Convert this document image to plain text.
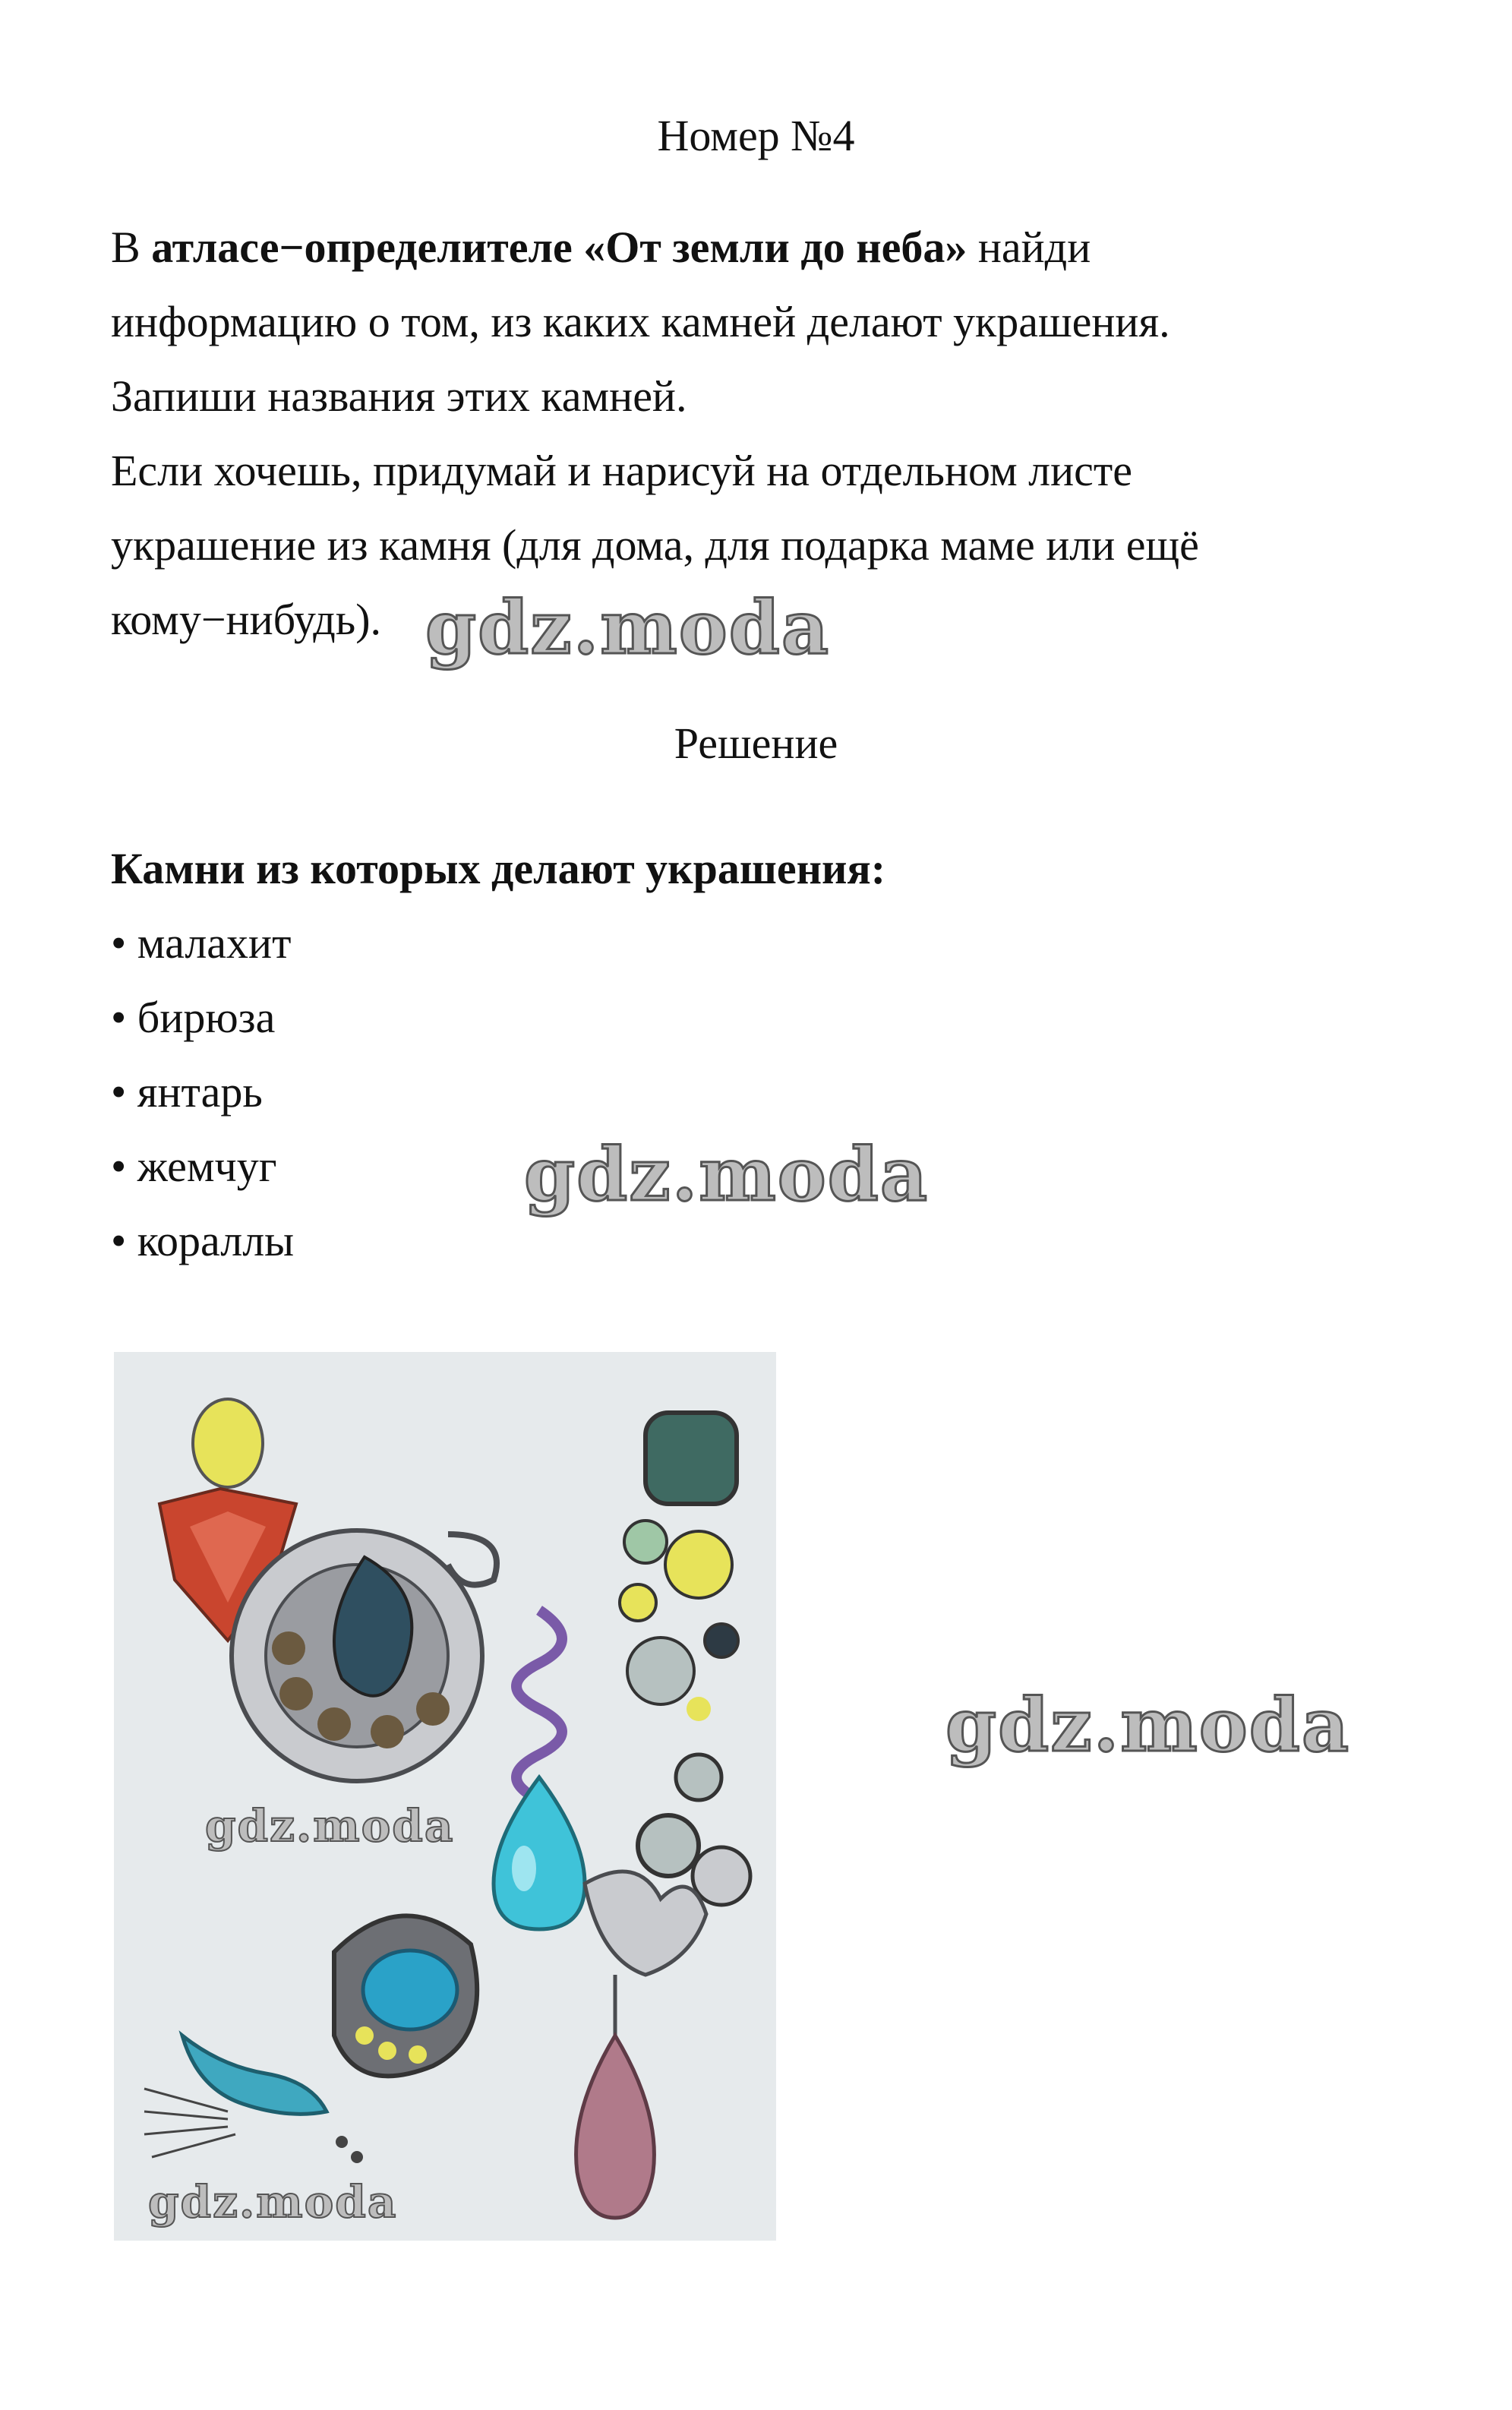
Номер №4
В атласе−определителе «От земли до неба» найди
информацию о том, из каких камней делают украшения.
Запиши названия этих камней.
Если хочешь, придумай и нарисуй на отдельном листе
украшение из камня (для дома, для подарка маме или ещё
кому−нибудь). gdz.moda
Решение
Камни из которых делают украшения:
• малахит
• бирюза
• янтарь
• жемчуг
• кораллы
gdz.moda
gdz.moda
gdz.moda
gdz.moda
